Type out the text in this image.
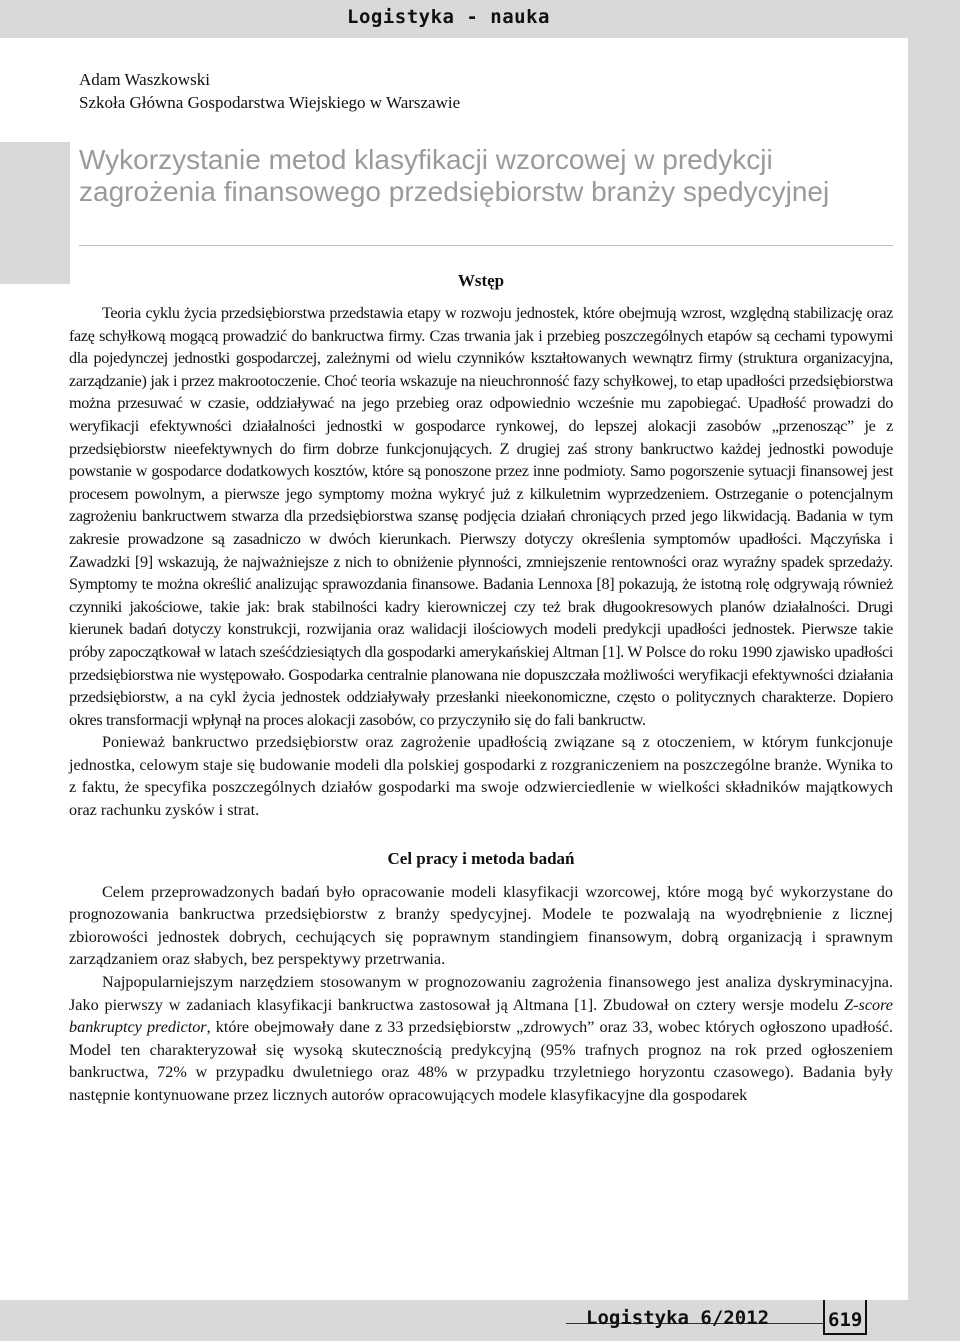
Logistyka - nauka
Adam Waszkowski
Szkoła Główna Gospodarstwa Wiejskiego w Warszawie
Wykorzystanie metod klasyfikacji wzorcowej w predykcji zagrożenia finansowego przedsiębiorstw branży spedycyjnej
Wstęp

Teoria cyklu życia przedsiębiorstwa przedstawia etapy w rozwoju jednostek, które obejmują wzrost, względną stabilizację oraz fazę schyłkową mogącą prowadzić do bankructwa firmy. Czas trwania jak i przebieg poszczególnych etapów są cechami typowymi dla pojedynczej jednostki gospodarczej, zależnymi od wielu czynników kształtowanych wewnątrz firmy (struktura organizacyjna, zarządzanie) jak i przez makrootoczenie. Choć teoria wskazuje na nieuchronność fazy schyłkowej, to etap upadłości przedsiębiorstwa można przesuwać w czasie, oddziaływać na jego przebieg oraz odpowiednio wcześnie mu zapobiegać. Upadłość prowadzi do weryfikacji efektywności działalności jednostki w gospodarce rynkowej, do lepszej alokacji zasobów „przenosząc” je z przedsiębiorstw nieefektywnych do firm dobrze funkcjonujących. Z drugiej zaś strony bankructwo każdej jednostki powoduje powstanie w gospodarce dodatkowych kosztów, które są ponoszone przez inne podmioty. Samo pogorszenie sytuacji finansowej jest procesem powolnym, a pierwsze jego symptomy można wykryć już z kilkuletnim wyprzedzeniem. Ostrzeganie o potencjalnym zagrożeniu bankructwem stwarza dla przedsiębiorstwa szansę podjęcia działań chroniących przed jego likwidacją. Badania w tym zakresie prowadzone są zasadniczo w dwóch kierunkach. Pierwszy dotyczy określenia symptomów upadłości. Mączyńska i Zawadzki [9] wskazują, że najważniejsze z nich to obniżenie płynności, zmniejszenie rentowności oraz wyraźny spadek sprzedaży. Symptomy te można określić analizując sprawozdania finansowe. Badania Lennoxa [8] pokazują, że istotną rolę odgrywają również czynniki jakościowe, takie jak: brak stabilności kadry kierowniczej czy też brak długookresowych planów działalności. Drugi kierunek badań dotyczy konstrukcji, rozwijania oraz walidacji ilościowych modeli predykcji upadłości jednostek. Pierwsze takie próby zapoczątkował w latach sześćdziesiątych dla gospodarki amerykańskiej Altman [1]. W Polsce do roku 1990 zjawisko upadłości przedsiębiorstwa nie występowało. Gospodarka centralnie planowana nie dopuszczała możliwości weryfikacji efektywności działania przedsiębiorstw, a na cykl życia jednostek oddziaływały przesłanki nieekonomiczne, często o politycznych charakterze. Dopiero okres transformacji wpłynął na proces alokacji zasobów, co przyczyniło się do fali bankructw.

Ponieważ bankructwo przedsiębiorstw oraz zagrożenie upadłością związane są z otoczeniem, w którym funkcjonuje jednostka, celowym staje się budowanie modeli dla polskiej gospodarki z rozgraniczeniem na poszczególne branże. Wynika to z faktu, że specyfika poszczególnych działów gospodarki ma swoje odzwierciedlenie w wielkości składników majątkowych oraz rachunku zysków i strat.

Cel pracy i metoda badań

Celem przeprowadzonych badań było opracowanie modeli klasyfikacji wzorcowej, które mogą być wykorzystane do prognozowania bankructwa przedsiębiorstw z branży spedycyjnej. Modele te pozwalają na wyodrębnienie z licznej zbiorowości jednostek dobrych, cechujących się poprawnym standingiem finansowym, dobrą organizacją i sprawnym zarządzaniem oraz słabych, bez perspektywy przetrwania.

Najpopularniejszym narzędziem stosowanym w prognozowaniu zagrożenia finansowego jest analiza dyskryminacyjna. Jako pierwszy w zadaniach klasyfikacji bankructwa zastosował ją Altmana [1]. Zbudował on cztery wersje modelu Z-score bankruptcy predictor, które obejmowały dane z 33 przedsiębiorstw „zdrowych” oraz 33, wobec których ogłoszono upadłość. Model ten charakteryzował się wysoką skutecznością predykcyjną (95% trafnych prognoz na rok przed ogłoszeniem bankructwa, 72% w przypadku dwuletniego oraz 48% w przypadku trzyletniego horyzontu czasowego). Badania były następnie kontynuowane przez licznych autorów opracowujących modele klasyfikacyjne dla gospodarek

Logistyka 6/2012	619
